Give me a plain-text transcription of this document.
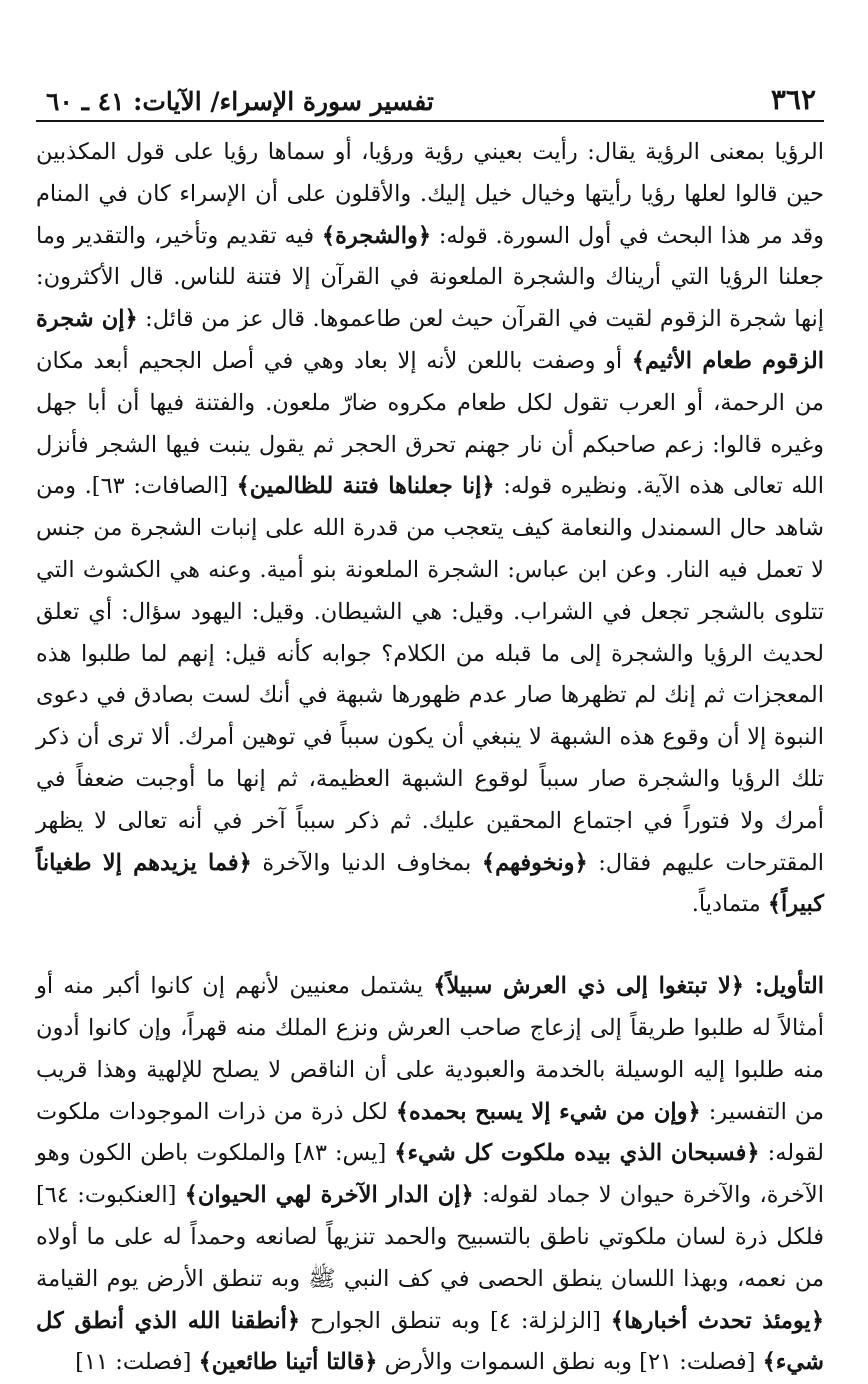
٣٦٢
تفسير سورة الإسراء/ الآيات: ٤١ ـ ٦٠

الرؤيا بمعنى الرؤية يقال: رأيت بعيني رؤية ورؤيا، أو سماها رؤيا على قول المكذبين حين قالوا لعلها رؤيا رأيتها وخيال خيل إليك. والأقلون على أن الإسراء كان في المنام وقد مر هذا البحث في أول السورة. قوله: ﴿والشجرة﴾ فيه تقديم وتأخير، والتقدير وما جعلنا الرؤيا التي أريناك والشجرة الملعونة في القرآن إلا فتنة للناس. قال الأكثرون: إنها شجرة الزقوم لقيت في القرآن حيث لعن طاعموها. قال عز من قائل: ﴿إن شجرة الزقوم طعام الأثيم﴾ أو وصفت باللعن لأنه إلا بعاد وهي في أصل الجحيم أبعد مكان من الرحمة، أو العرب تقول لكل طعام مكروه ضارّ ملعون. والفتنة فيها أن أبا جهل وغيره قالوا: زعم صاحبكم أن نار جهنم تحرق الحجر ثم يقول ينبت فيها الشجر فأنزل الله تعالى هذه الآية. ونظيره قوله: ﴿إنا جعلناها فتنة للظالمين﴾ [الصافات: ٦٣]. ومن شاهد حال السمندل والنعامة كيف يتعجب من قدرة الله على إنبات الشجرة من جنس لا تعمل فيه النار. وعن ابن عباس: الشجرة الملعونة بنو أمية. وعنه هي الكشوث التي تتلوى بالشجر تجعل في الشراب. وقيل: هي الشيطان. وقيل: اليهود سؤال: أي تعلق لحديث الرؤيا والشجرة إلى ما قبله من الكلام؟ جوابه كأنه قيل: إنهم لما طلبوا هذه المعجزات ثم إنك لم تظهرها صار عدم ظهورها شبهة في أنك لست بصادق في دعوى النبوة إلا أن وقوع هذه الشبهة لا ينبغي أن يكون سبباً في توهين أمرك. ألا ترى أن ذكر تلك الرؤيا والشجرة صار سبباً لوقوع الشبهة العظيمة، ثم إنها ما أوجبت ضعفاً في أمرك ولا فتوراً في اجتماع المحقين عليك. ثم ذكر سبباً آخر في أنه تعالى لا يظهر المقترحات عليهم فقال: ﴿ونخوفهم﴾ بمخاوف الدنيا والآخرة ﴿فما يزيدهم إلا طغياناً كبيراً﴾ متمادياً.

التأويل: ﴿لا تبتغوا إلى ذي العرش سبيلاً﴾ يشتمل معنيين لأنهم إن كانوا أكبر منه أو أمثالاً له طلبوا طريقاً إلى إزعاج صاحب العرش ونزع الملك منه قهراً، وإن كانوا أدون منه طلبوا إليه الوسيلة بالخدمة والعبودية على أن الناقص لا يصلح للإلهية وهذا قريب من التفسير: ﴿وإن من شيء إلا يسبح بحمده﴾ لكل ذرة من ذرات الموجودات ملكوت لقوله: ﴿فسبحان الذي بيده ملكوت كل شيء﴾ [يس: ٨٣] والملكوت باطن الكون وهو الآخرة، والآخرة حيوان لا جماد لقوله: ﴿إن الدار الآخرة لهي الحيوان﴾ [العنكبوت: ٦٤] فلكل ذرة لسان ملكوتي ناطق بالتسبيح والحمد تنزيهاً لصانعه وحمداً له على ما أولاه من نعمه، وبهذا اللسان ينطق الحصى في كف النبي ﷺ وبه تنطق الأرض يوم القيامة ﴿يومئذ تحدث أخبارها﴾ [الزلزلة: ٤] وبه تنطق الجوارح ﴿أنطقنا الله الذي أنطق كل شيء﴾ [فصلت: ٢١] وبه نطق السموات والأرض ﴿قالتا أتينا طائعين﴾ [فصلت: ١١]
